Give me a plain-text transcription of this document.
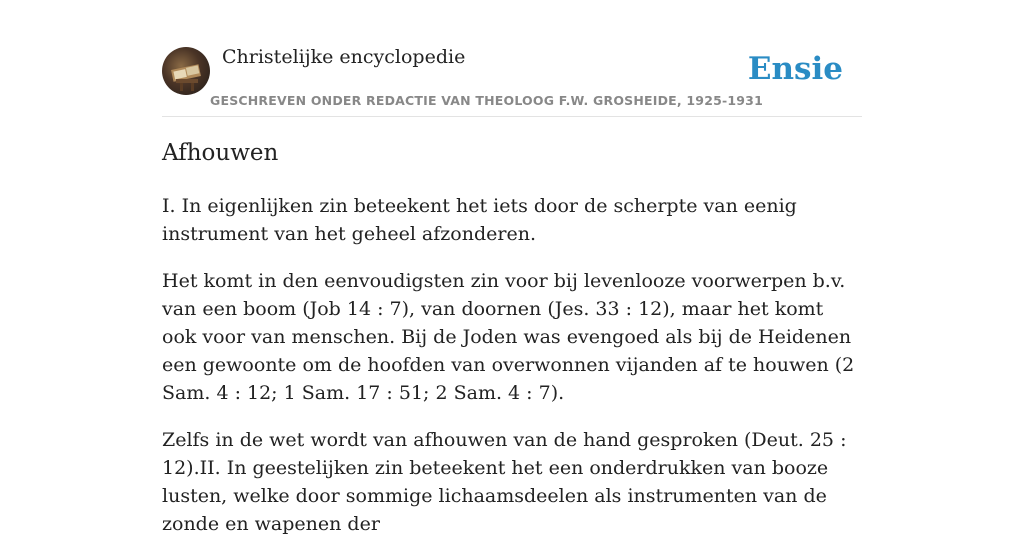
Christelijke encyclopedie
GESCHREVEN ONDER REDACTIE VAN THEOLOOG F.W. GROSHEIDE, 1925-1931
Ensie
Afhouwen

I. In eigenlijken zin beteekent het iets door de scherpte van eenig instrument van het geheel afzonderen.

Het komt in den eenvoudigsten zin voor bij levenlooze voorwerpen b.v. van een boom (Job 14 : 7), van doornen (Jes. 33 : 12), maar het komt ook voor van menschen. Bij de Joden was evengoed als bij de Heidenen een gewoonte om de hoofden van overwonnen vijanden af te houwen (2 Sam. 4 : 12; 1 Sam. 17 : 51; 2 Sam. 4 : 7).

Zelfs in de wet wordt van afhouwen van de hand gesproken (Deut. 25 : 12).II. In geestelijken zin beteekent het een onderdrukken van booze lusten, welke door sommige lichaamsdeelen als instrumenten van de zonde en wapenen der
